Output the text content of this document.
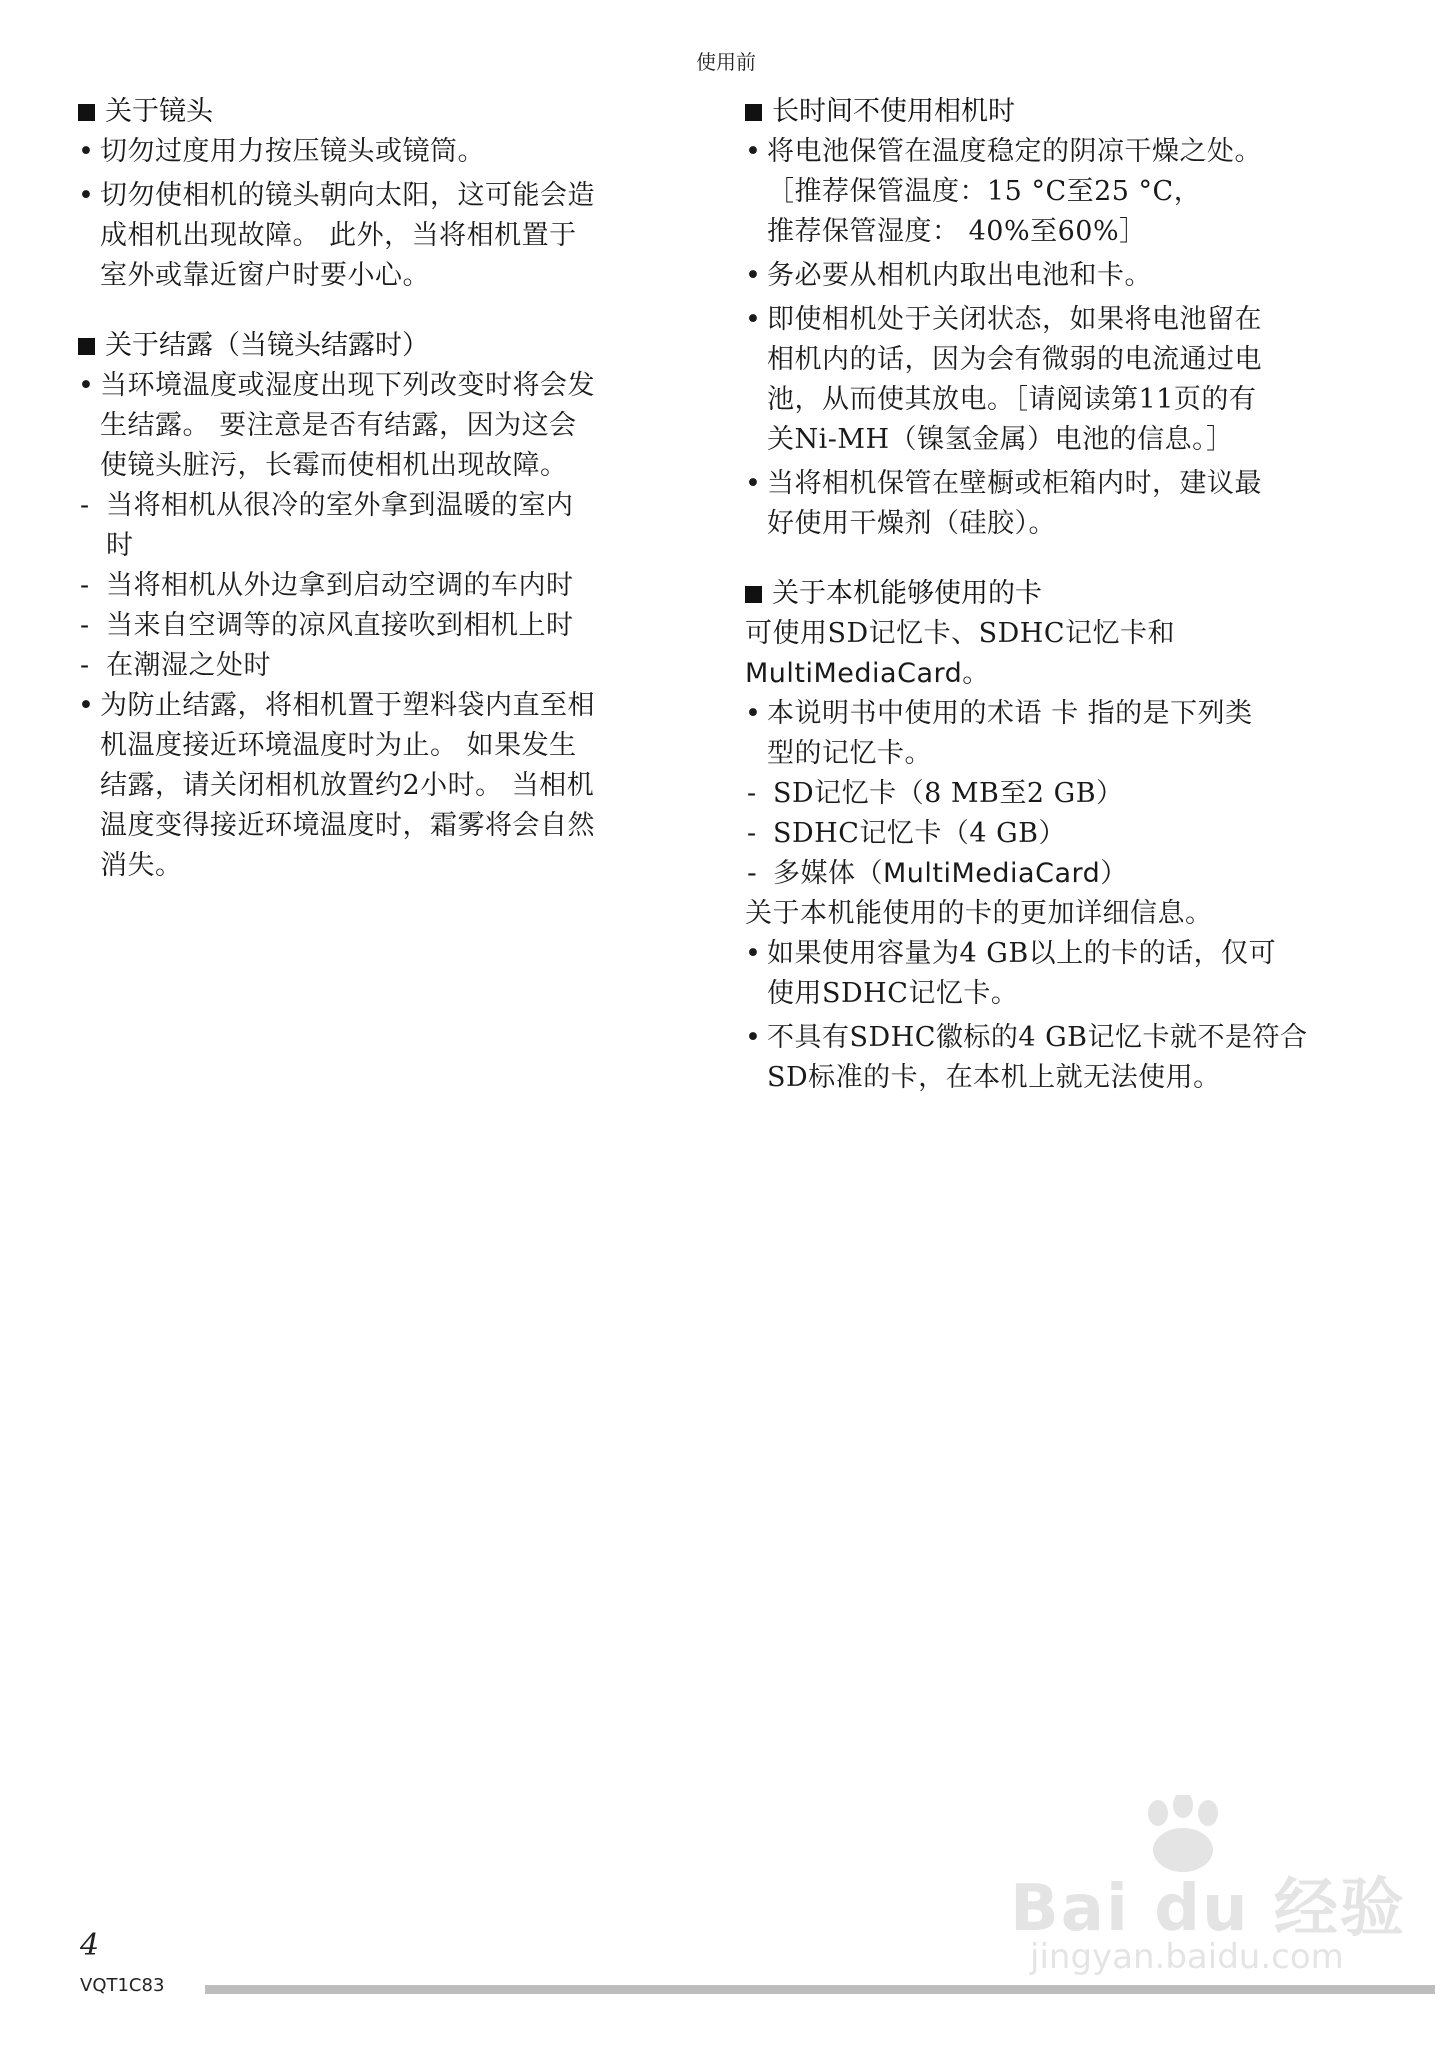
使用前
关于镜头
• 切勿过度用力按压镜头或镜筒。
• 切勿使相机的镜头朝向太阳，这可能会造
成相机出现故障。 此外，当将相机置于
室外或靠近窗户时要小心。
关于结露（当镜头结露时）
• 当环境温度或湿度出现下列改变时将会发
生结露。 要注意是否有结露，因为这会
使镜头脏污，长霉而使相机出现故障。
- 当将相机从很冷的室外拿到温暖的室内
时
- 当将相机从外边拿到启动空调的车内时
- 当来自空调等的凉风直接吹到相机上时
- 在潮湿之处时
• 为防止结露，将相机置于塑料袋内直至相
机温度接近环境温度时为止。 如果发生
结露，请关闭相机放置约2小时。 当相机
温度变得接近环境温度时，霜雾将会自然
消失。
长时间不使用相机时
• 将电池保管在温度稳定的阴凉干燥之处。
［推荐保管温度：15 °C至25 °C，
推荐保管湿度： 40%至60%］
• 务必要从相机内取出电池和卡。
• 即使相机处于关闭状态，如果将电池留在
相机内的话，因为会有微弱的电流通过电
池，从而使其放电。［请阅读第11页的有
关Ni-MH（镍氢金属）电池的信息。］
• 当将相机保管在壁橱或柜箱内时，建议最
好使用干燥剂（硅胶）。
关于本机能够使用的卡
可使用SD记忆卡、SDHC记忆卡和
MultiMediaCard。
• 本说明书中使用的术语 卡 指的是下列类
型的记忆卡。
- SD记忆卡（8 MB至2 GB）
- SDHC记忆卡（4 GB）
- 多媒体（MultiMediaCard）
关于本机能使用的卡的更加详细信息。
• 如果使用容量为4 GB以上的卡的话，仅可
使用SDHC记忆卡。
• 不具有SDHC徽标的4 GB记忆卡就不是符合
SD标准的卡，在本机上就无法使用。
Bai du 经验
jingyan.baidu.com
4
VQT1C83
